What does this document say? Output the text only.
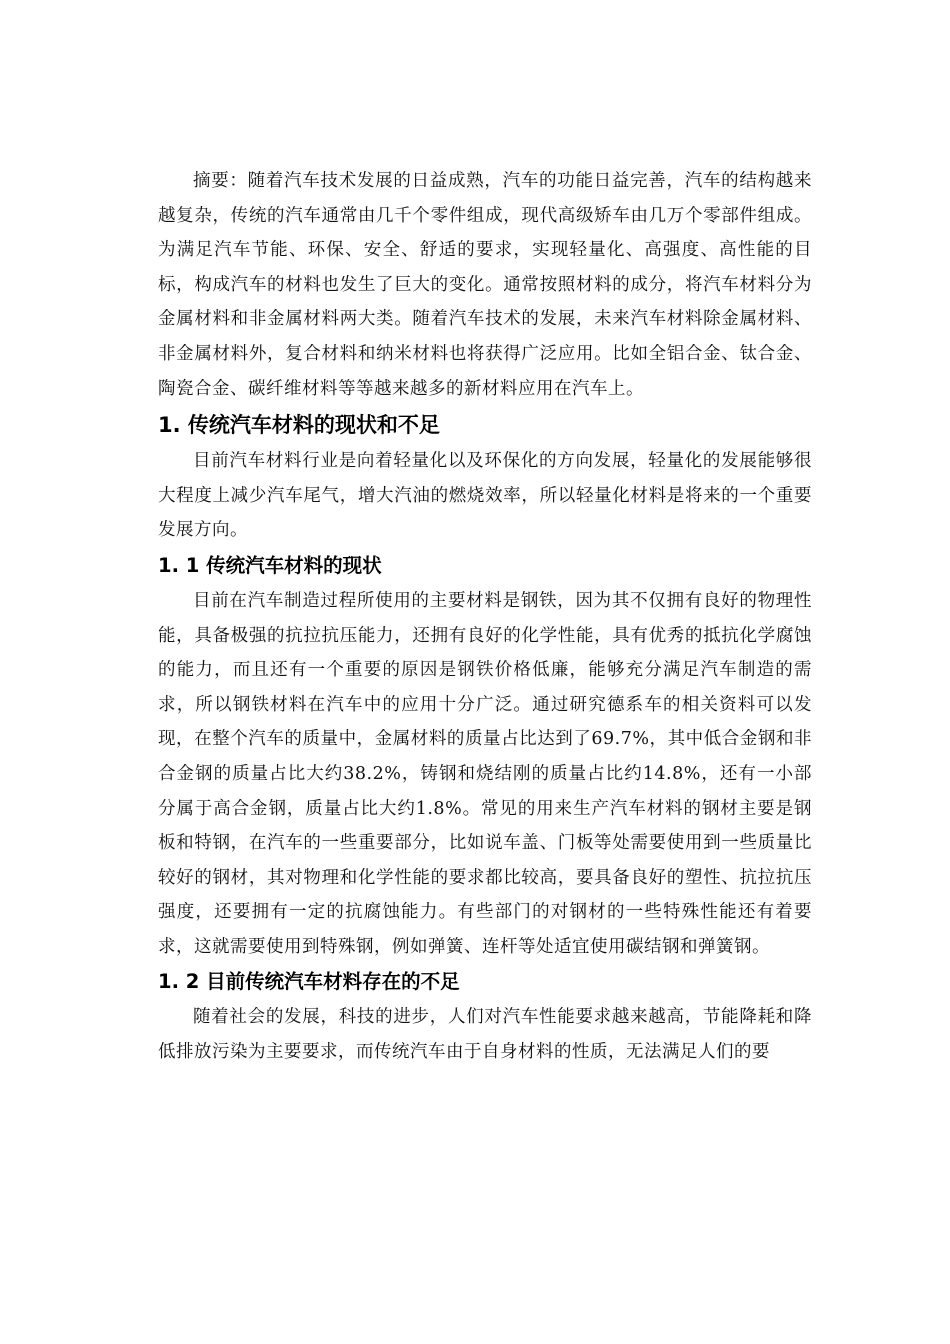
摘要：随着汽车技术发展的日益成熟，汽车的功能日益完善，汽车的结构越来越复杂，传统的汽车通常由几千个零件组成，现代高级矫车由几万个零部件组成。为满足汽车节能、环保、安全、舒适的要求，实现轻量化、高强度、高性能的目标，构成汽车的材料也发生了巨大的变化。通常按照材料的成分，将汽车材料分为金属材料和非金属材料两大类。随着汽车技术的发展，未来汽车材料除金属材料、非金属材料外，复合材料和纳米材料也将获得广泛应用。比如全铝合金、钛合金、陶瓷合金、碳纤维材料等等越来越多的新材料应用在汽车上。

1. 传统汽车材料的现状和不足

目前汽车材料行业是向着轻量化以及环保化的方向发展，轻量化的发展能够很大程度上减少汽车尾气，增大汽油的燃烧效率，所以轻量化材料是将来的一个重要发展方向。

1. 1 传统汽车材料的现状

目前在汽车制造过程所使用的主要材料是钢铁，因为其不仅拥有良好的物理性能，具备极强的抗拉抗压能力，还拥有良好的化学性能，具有优秀的抵抗化学腐蚀的能力，而且还有一个重要的原因是钢铁价格低廉，能够充分满足汽车制造的需求，所以钢铁材料在汽车中的应用十分广泛。通过研究德系车的相关资料可以发现，在整个汽车的质量中，金属材料的质量占比达到了69.7%，其中低合金钢和非合金钢的质量占比大约38.2%，铸钢和烧结刚的质量占比约14.8%，还有一小部分属于高合金钢，质量占比大约1.8%。常见的用来生产汽车材料的钢材主要是钢板和特钢，在汽车的一些重要部分，比如说车盖、门板等处需要使用到一些质量比较好的钢材，其对物理和化学性能的要求都比较高，要具备良好的塑性、抗拉抗压强度，还要拥有一定的抗腐蚀能力。有些部门的对钢材的一些特殊性能还有着要求，这就需要使用到特殊钢，例如弹簧、连杆等处适宜使用碳结钢和弹簧钢。

1. 2 目前传统汽车材料存在的不足

随着社会的发展，科技的进步，人们对汽车性能要求越来越高，节能降耗和降低排放污染为主要要求，而传统汽车由于自身材料的性质，无法满足人们的要
